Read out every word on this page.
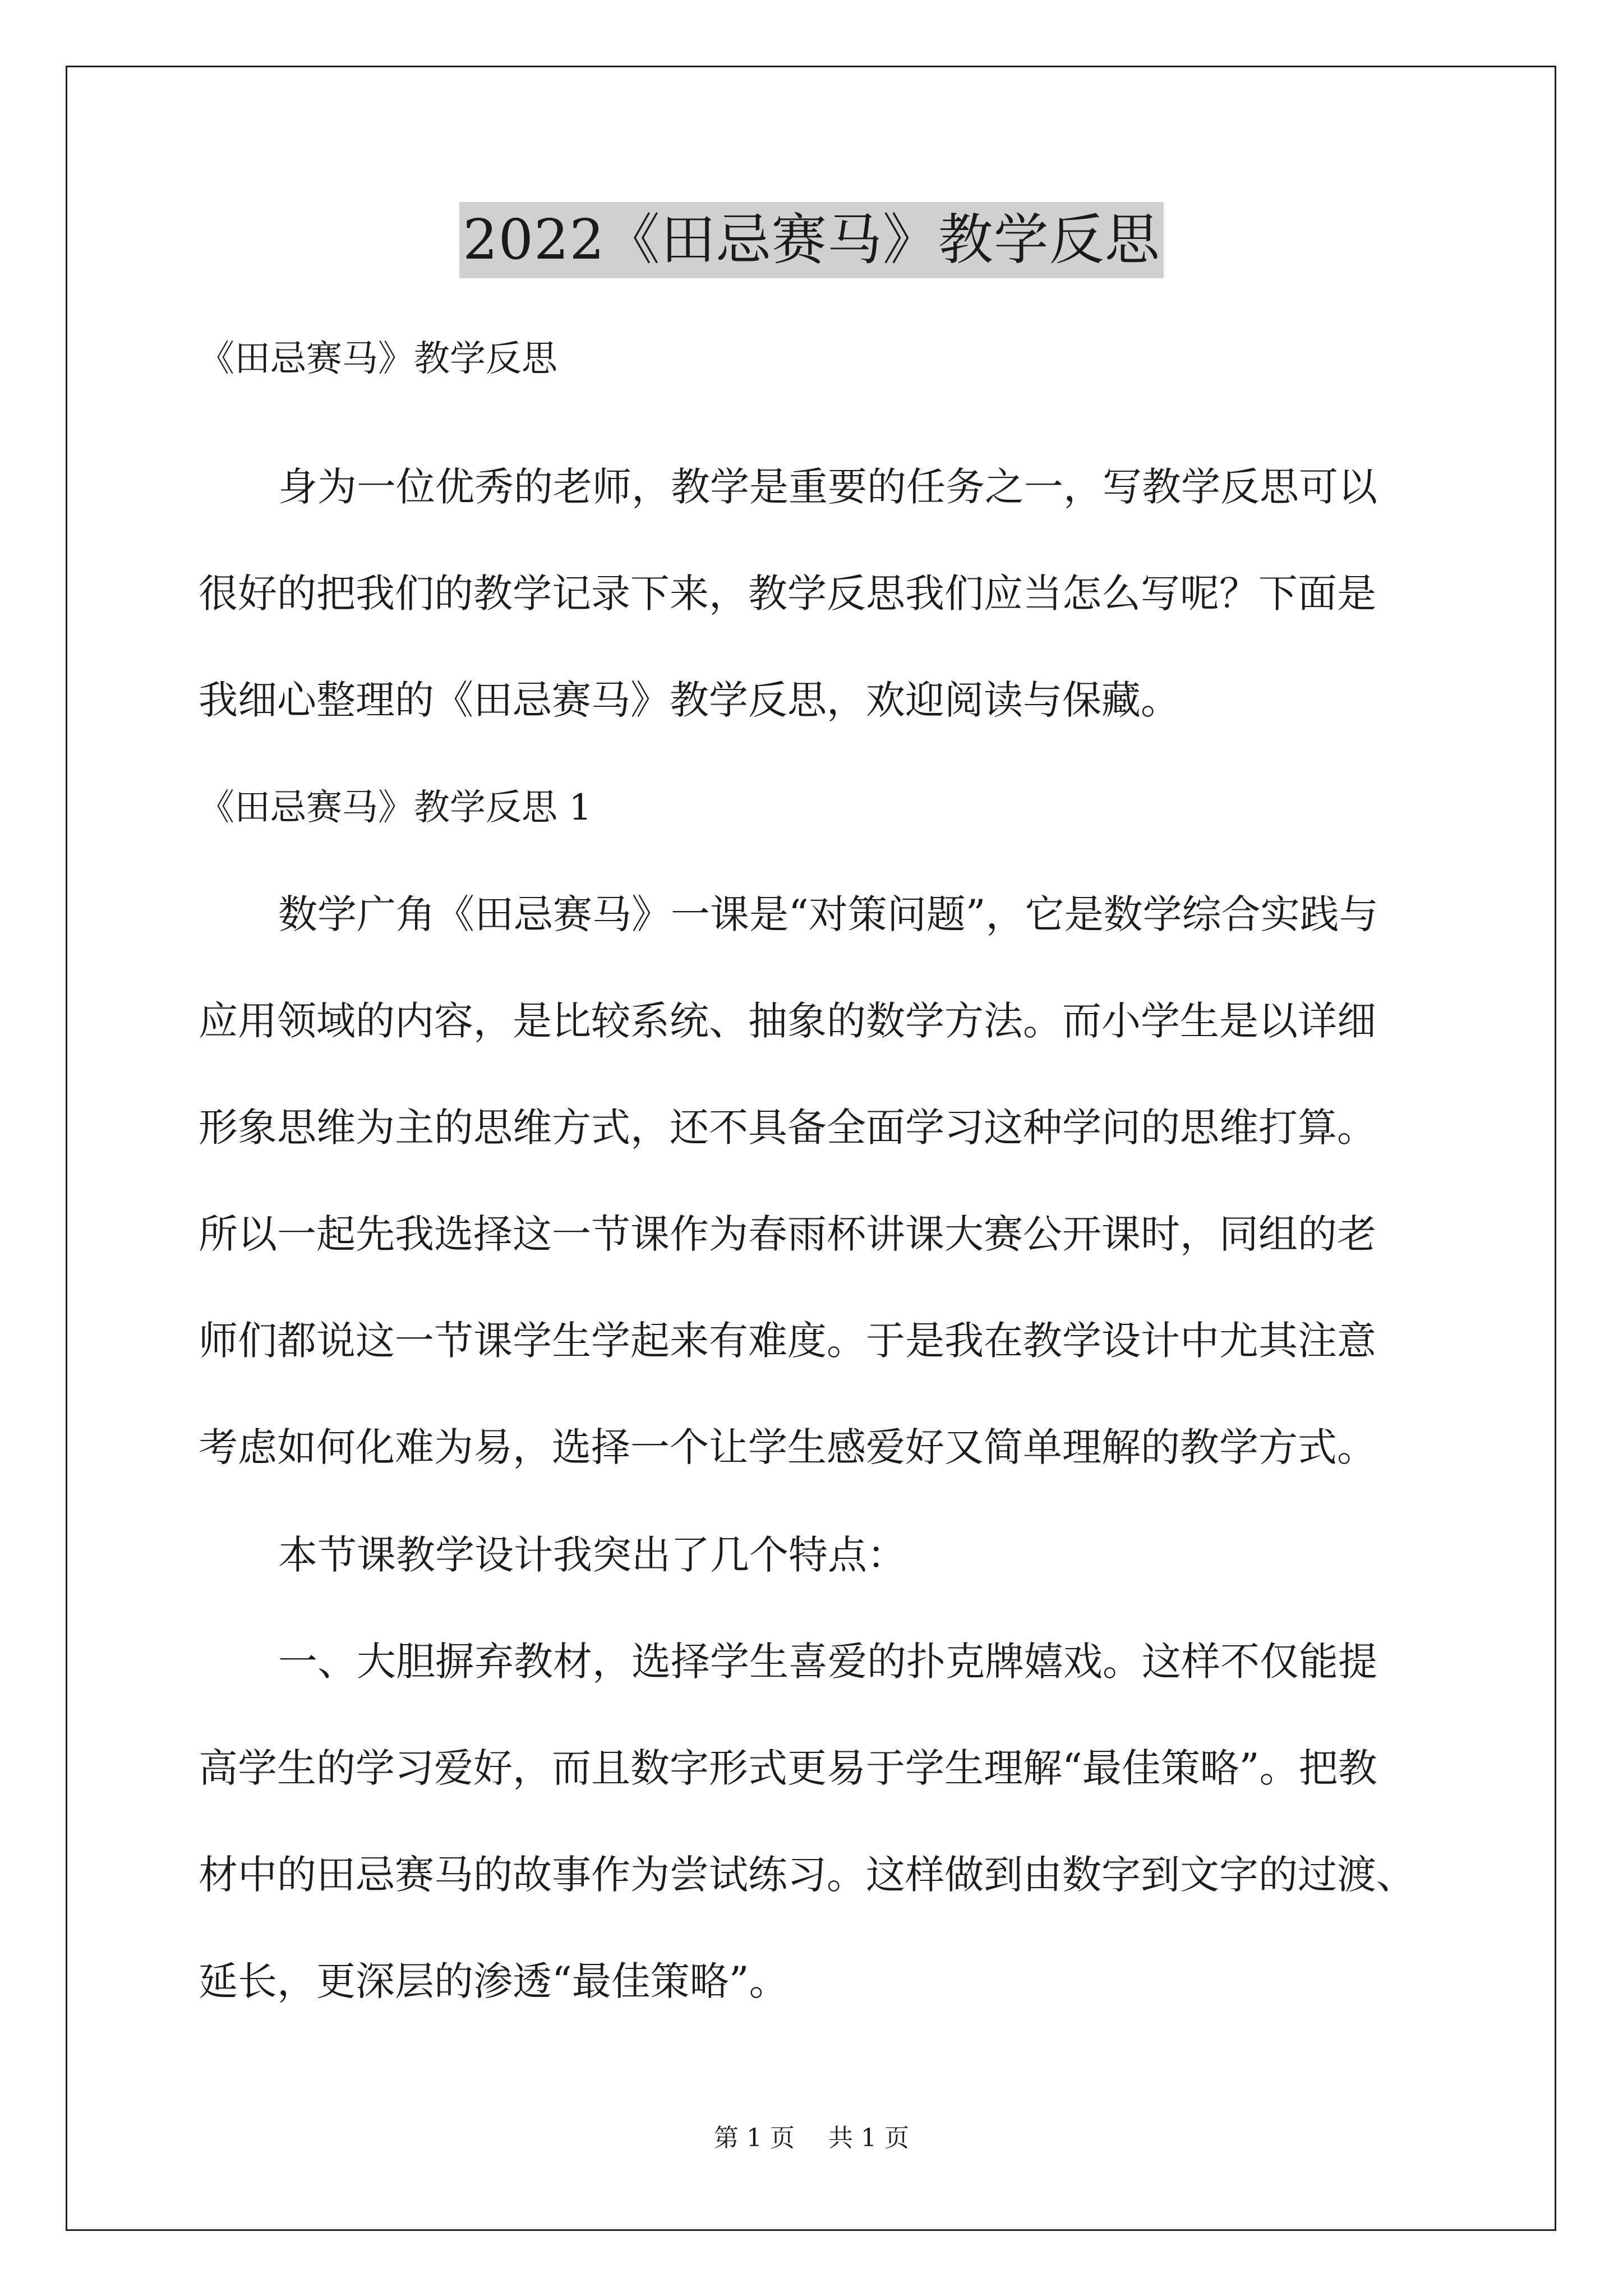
2022《田忌赛马》教学反思
《田忌赛马》教学反思
身为一位优秀的老师，教学是重要的任务之一，写教学反思可以
很好的把我们的教学记录下来，教学反思我们应当怎么写呢？下面是
我细心整理的《田忌赛马》教学反思，欢迎阅读与保藏。
《田忌赛马》教学反思 1
数学广角《田忌赛马》一课是“对策问题”，它是数学综合实践与
应用领域的内容，是比较系统、抽象的数学方法。而小学生是以详细
形象思维为主的思维方式，还不具备全面学习这种学问的思维打算。
所以一起先我选择这一节课作为春雨杯讲课大赛公开课时，同组的老
师们都说这一节课学生学起来有难度。于是我在教学设计中尤其注意
考虑如何化难为易，选择一个让学生感爱好又简单理解的教学方式。
本节课教学设计我突出了几个特点：
一、大胆摒弃教材，选择学生喜爱的扑克牌嬉戏。这样不仅能提
高学生的学习爱好，而且数字形式更易于学生理解“最佳策略”。把教
材中的田忌赛马的故事作为尝试练习。这样做到由数字到文字的过渡、
延长，更深层的渗透“最佳策略”。
第 1 页 共 1 页
